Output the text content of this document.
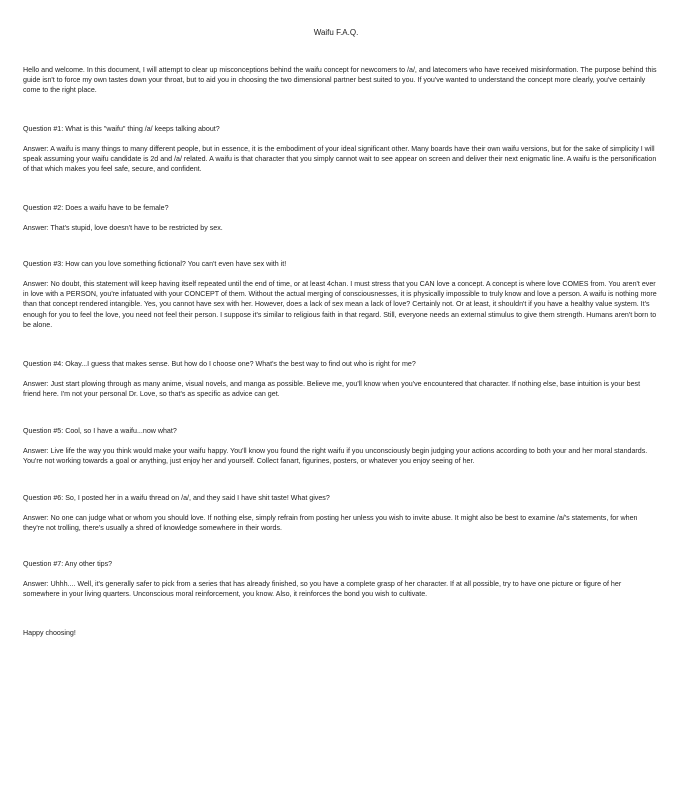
Waifu F.A.Q.

Hello and welcome. In this document, I will attempt to clear up misconceptions behind the waifu concept for newcomers to /a/, and latecomers who have received misinformation. The purpose behind this guide isn't to force my own tastes down your throat, but to aid you in choosing the two dimensional partner best suited to you. If you've wanted to understand the concept more clearly, you've certainly come to the right place.

Question #1: What is this "waifu" thing /a/ keeps talking about?

Answer: A waifu is many things to many different people, but in essence, it is the embodiment of your ideal significant other. Many boards have their own waifu versions, but for the sake of simplicity I will speak assuming your waifu candidate is 2d and /a/ related. A waifu is that character that you simply cannot wait to see appear on screen and deliver their next enigmatic line. A waifu is the personification of that which makes you feel safe, secure, and confident.

Question #2: Does a waifu have to be female?

Answer: That's stupid, love doesn't have to be restricted by sex.

Question #3: How can you love something fictional? You can't even have sex with it!

Answer: No doubt, this statement will keep having itself repeated until the end of time, or at least 4chan. I must stress that you CAN love a concept. A concept is where love COMES from. You aren't ever in love with a PERSON, you're infatuated with your CONCEPT of them. Without the actual merging of consciousnesses, it is physically impossible to truly know and love a person. A waifu is nothing more than that concept rendered intangible. Yes, you cannot have sex with her. However, does a lack of sex mean a lack of love? Certainly not. Or at least, it shouldn't if you have a healthy value system. It's enough for you to feel the love, you need not feel their person. I suppose it's similar to religious faith in that regard. Still, everyone needs an external stimulus to give them strength. Humans aren't born to be alone.

Question #4: Okay...I guess that makes sense. But how do I choose one? What's the best way to find out who is right for me?

Answer: Just start plowing through as many anime, visual novels, and manga as possible. Believe me, you'll know when you've encountered that character. If nothing else, base intuition is your best friend here. I'm not your personal Dr. Love, so that's as specific as advice can get.

Question #5: Cool, so I have a waifu...now what?

Answer: Live life the way you think would make your waifu happy. You'll know you found the right waifu if you unconsciously begin judging your actions according to both your and her moral standards. You're not working towards a goal or anything, just enjoy her and yourself. Collect fanart, figurines, posters, or whatever you enjoy seeing of her.

Question #6: So, I posted her in a waifu thread on /a/, and they said I have shit taste! What gives?

Answer: No one can judge what or whom you should love. If nothing else, simply refrain from posting her unless you wish to invite abuse. It might also be best to examine /a/'s statements, for when they're not trolling, there's usually a shred of knowledge somewhere in their words.

Question #7: Any other tips?

Answer: Uhhh.... Well, it's generally safer to pick from a series that has already finished, so you have a complete grasp of her character. If at all possible, try to have one picture or figure of her somewhere in your living quarters. Unconscious moral reinforcement, you know. Also, it reinforces the bond you wish to cultivate.

Happy choosing!
